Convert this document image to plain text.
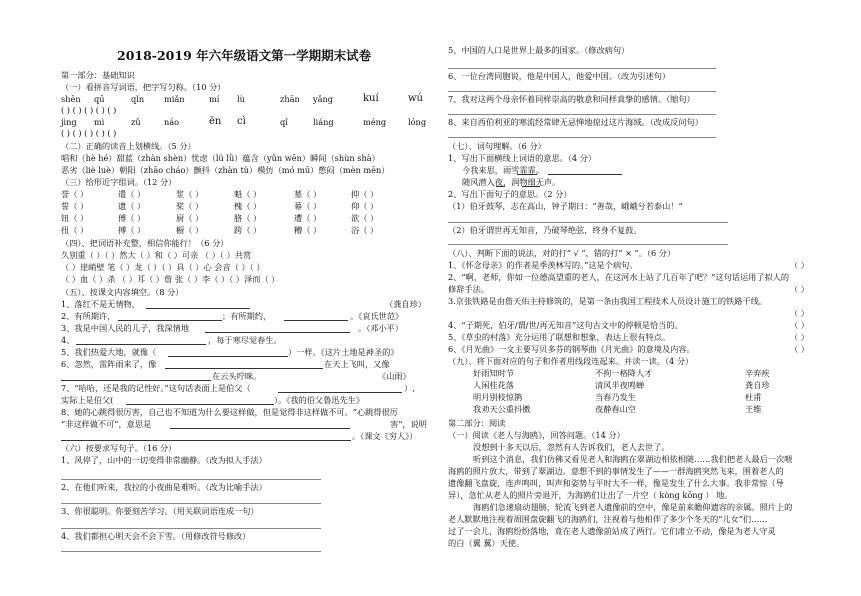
2018-2019 年六年级语文第一学期期末试卷
第一部分：基础知识
（一）看拼音写词语，把字写匀称。（10 分）
shēn	qū	qǐn	miǎn	mí	lù	zhān	yǎng	kuí	wú
( ) ( ) ( ) ( ) ( )
jìng	mì	zǔ	náo	ēn	cì	qǐ	liáng	méng	lóng
( ) ( ) ( ) ( ) ( )
（二）正确的读音上划横线。（5 分）
唱和（hè hé）甜蓝（zhàn shèn）忧虑（lü lǜ）蕴含（yǔn wēn）瞬间（shùn shà）
恶劣（liè luè）朝阳（zhāo cháo）颤抖（zhàn tù）模仿（mó mū）憋闷（mèn mēn）
（三）给形近字组词。（12 分）
誉（ ）	遣（ ）	浆（ ）	魁（ ）	墓（ ）	抑（ ）
誓（ ）	遗（ ）	桨（ ）	槐（ ）	幕（ ）	仰（ ）
钮（ ）	傅（ ）	厨（ ）	胳（ ）	遭（ ）	欲（ ）
扭（ ）	搏（ ）	橱（ ）	跨（ ）	糟（ ）	浴（ ）
（四）、把词语补充整，相信你能行！（6 分）
久别重（ ）（ ）然大（ ）和（ ）可亲 （ ）（ ）共赏
（ ）崖峭壁 笔（ ）龙（ ）（ ）具（ ）心 会音（ ）（ ）
（ ）血（ ）杀 （ ）耳（ ）詹 张（ ）李（ ）（ ）泽而（ ）
（五）、按课文内容填空。（8 分）
1、落红不是无情物，	（龚自珍）
2、有所期许，	；有所期约，	。《哀氏世范》
3、我是中国人民的儿子，我深情地	。（邓小平）
4、	，每于寒尽觉春生。
5、我们热爱大地，就像（	）一样。《这片土地是神圣的》
6、忽然，雷阵雨来了，像	在天上飞叫，又像
在云头咛咪。	《山雨》
7、“哈哈，还是我的记性好。”这句话表面上是伯父（	）,
实际上是伯父(	）。《我的伯父鲁迅先生》
8、她的心跳得很厉害，自己也不知道为什么要这样做，但是觉得非这样做不可。“心跳得很厉
“非这样做不可”，意思是	害”，说明
。（课文《穷人》）
（六）按要求写句子。（16 分）
1、风停了，山中的一切变得非常幽静。（改为拟人手法）
2、在他们听来，我拉的小夜曲是难听。（改为比喻手法）
3、你很聪明。你要刻苦学习。（用关联词语连成一句）
4、我们都担心明天会不会下雪。（用修改符号修改）
5、中国的人口是世界上最多的国家。（修改病句）
6、一位台湾同胞说，他是中国人，他爱中国。（改为引述句）
7、我对这两个母亲怀着同样崇高的敬意和同样真挚的感情。（缩句）
8、来自西伯利亚的寒流经常肆无忌惮地掠过这片海域。（改成反问句）
（七）、词句理解。（6 分）
1、写出下面横线上词语的意思。（4 分）
今我来思，雨雪霏霏。
随风潜入夜，润物细无声。
2、写出下面句子的意思。（2 分）
（1）伯牙鼓琴，志在高山，钟子期曰：“善哉，峨峨兮若泰山！”
（2）伯牙谓世再无知音，乃破琴绝弦，终身不复鼓。
（八）、判断下面的说法，对的打“ √ ”，错的打“ × ”。（6 分）
1、《怀念母亲》的作者是季羡林写的。”这是个病句。	（ ）
2、“啊，老师，你如一位德高望重的老人，在这河水上站了几百年了吧？”这句话运用了拟人的
修辞手法。	（ ）
3.京张铁路是由詹天佑主持修筑的，是第一条由我国工程技术人员设计施工的铁路干线。
（ ）
4、“子期死，伯牙/谓/世/再无知音”这句古文中的停顿是恰当的。	（ ）
5、《草虫的村落》充分运用了联想和想象，表达上很有特点。	（ ）
6、《月光曲》一文主要写贝多芬的钢琴曲《月光曲》的意境及内容。	（ ）
（九）、将下面对应的句子和作者用线段连起来。并读一读。（4 分）
好雨知时节	不拘一格降人才	辛弃疾
人闲桂花落	清风半夜鸣蝉	龚自珍
明月别枝惊鹊	当春乃发生	杜甫
我劝天公重抖擞	夜静春山空	王维
第二部分：阅读
（一）阅读《老人与海鸥》，回答问题。（14 分）
没想到十多天以后，忽然有人告诉我们，老人去世了。
听到这个消息，我们仿佛又看见老人和海鸥在翠湖边相依相随……我们把老人最后一次喂
海鸥的照片放大，带到了翠湖边。意想不到的事情发生了——一群海鸥突然飞来，围着老人的
遗像翻飞盘旋，连声鸣叫，叫声和姿势与平时大不一样，像是发生了什么大事。我非常惊（导
异），急忙从老人的照片旁退开，为海鸥们让出了一片空（ kòng kōng ） 地。
海鸥们急速扇动翅膀，轮流飞到老人遗像前的空中，像是前来瞻仰遗容的亲属。照片上的
老人默默地注视着周围盘旋翻飞的海鸥们，注视着与他相伴了多少个冬天的“儿女”们……
过了一会儿，海鸥纷纷落地，竟在老人遗像前站成了两行。它们肃立不动，像是为老人守灵
的白（翼 翼）天使。
